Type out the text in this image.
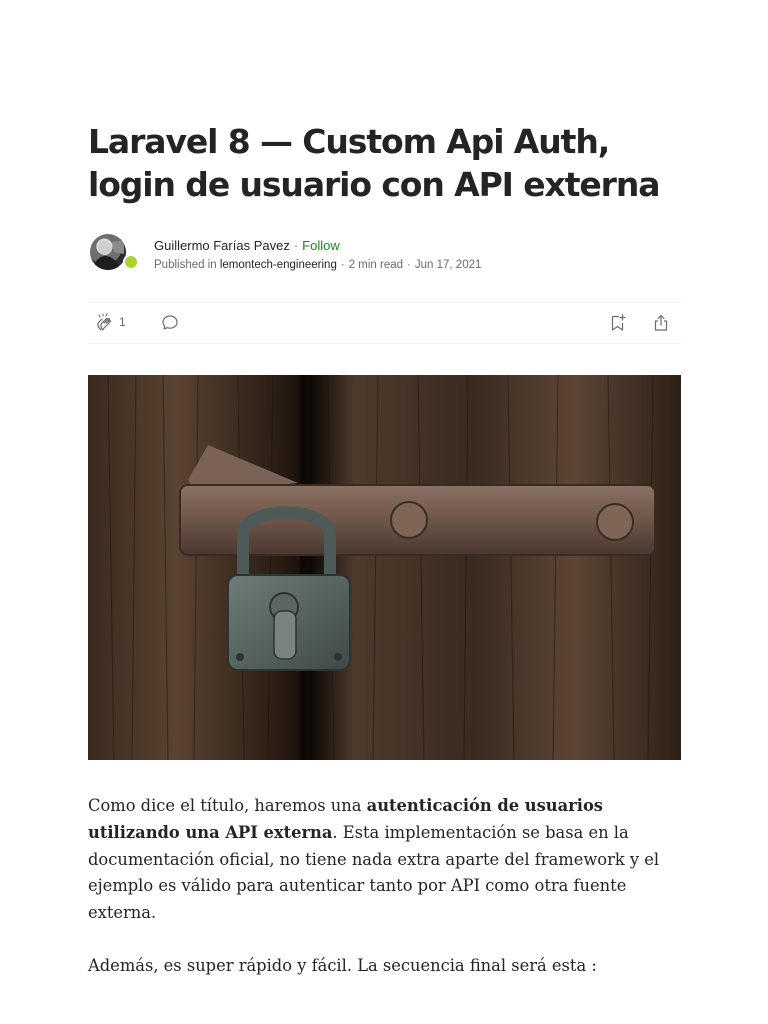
Laravel 8 — Custom Api Auth, login de usuario con API externa
Guillermo Farías Pavez · Follow
Published in lemontech-engineering · 2 min read · Jun 17, 2021
1

Como dice el título, haremos una autenticación de usuarios utilizando una API externa. Esta implementación se basa en la documentación oficial, no tiene nada extra aparte del framework y el ejemplo es válido para autenticar tanto por API como otra fuente externa.

Además, es super rápido y fácil. La secuencia final será esta :
